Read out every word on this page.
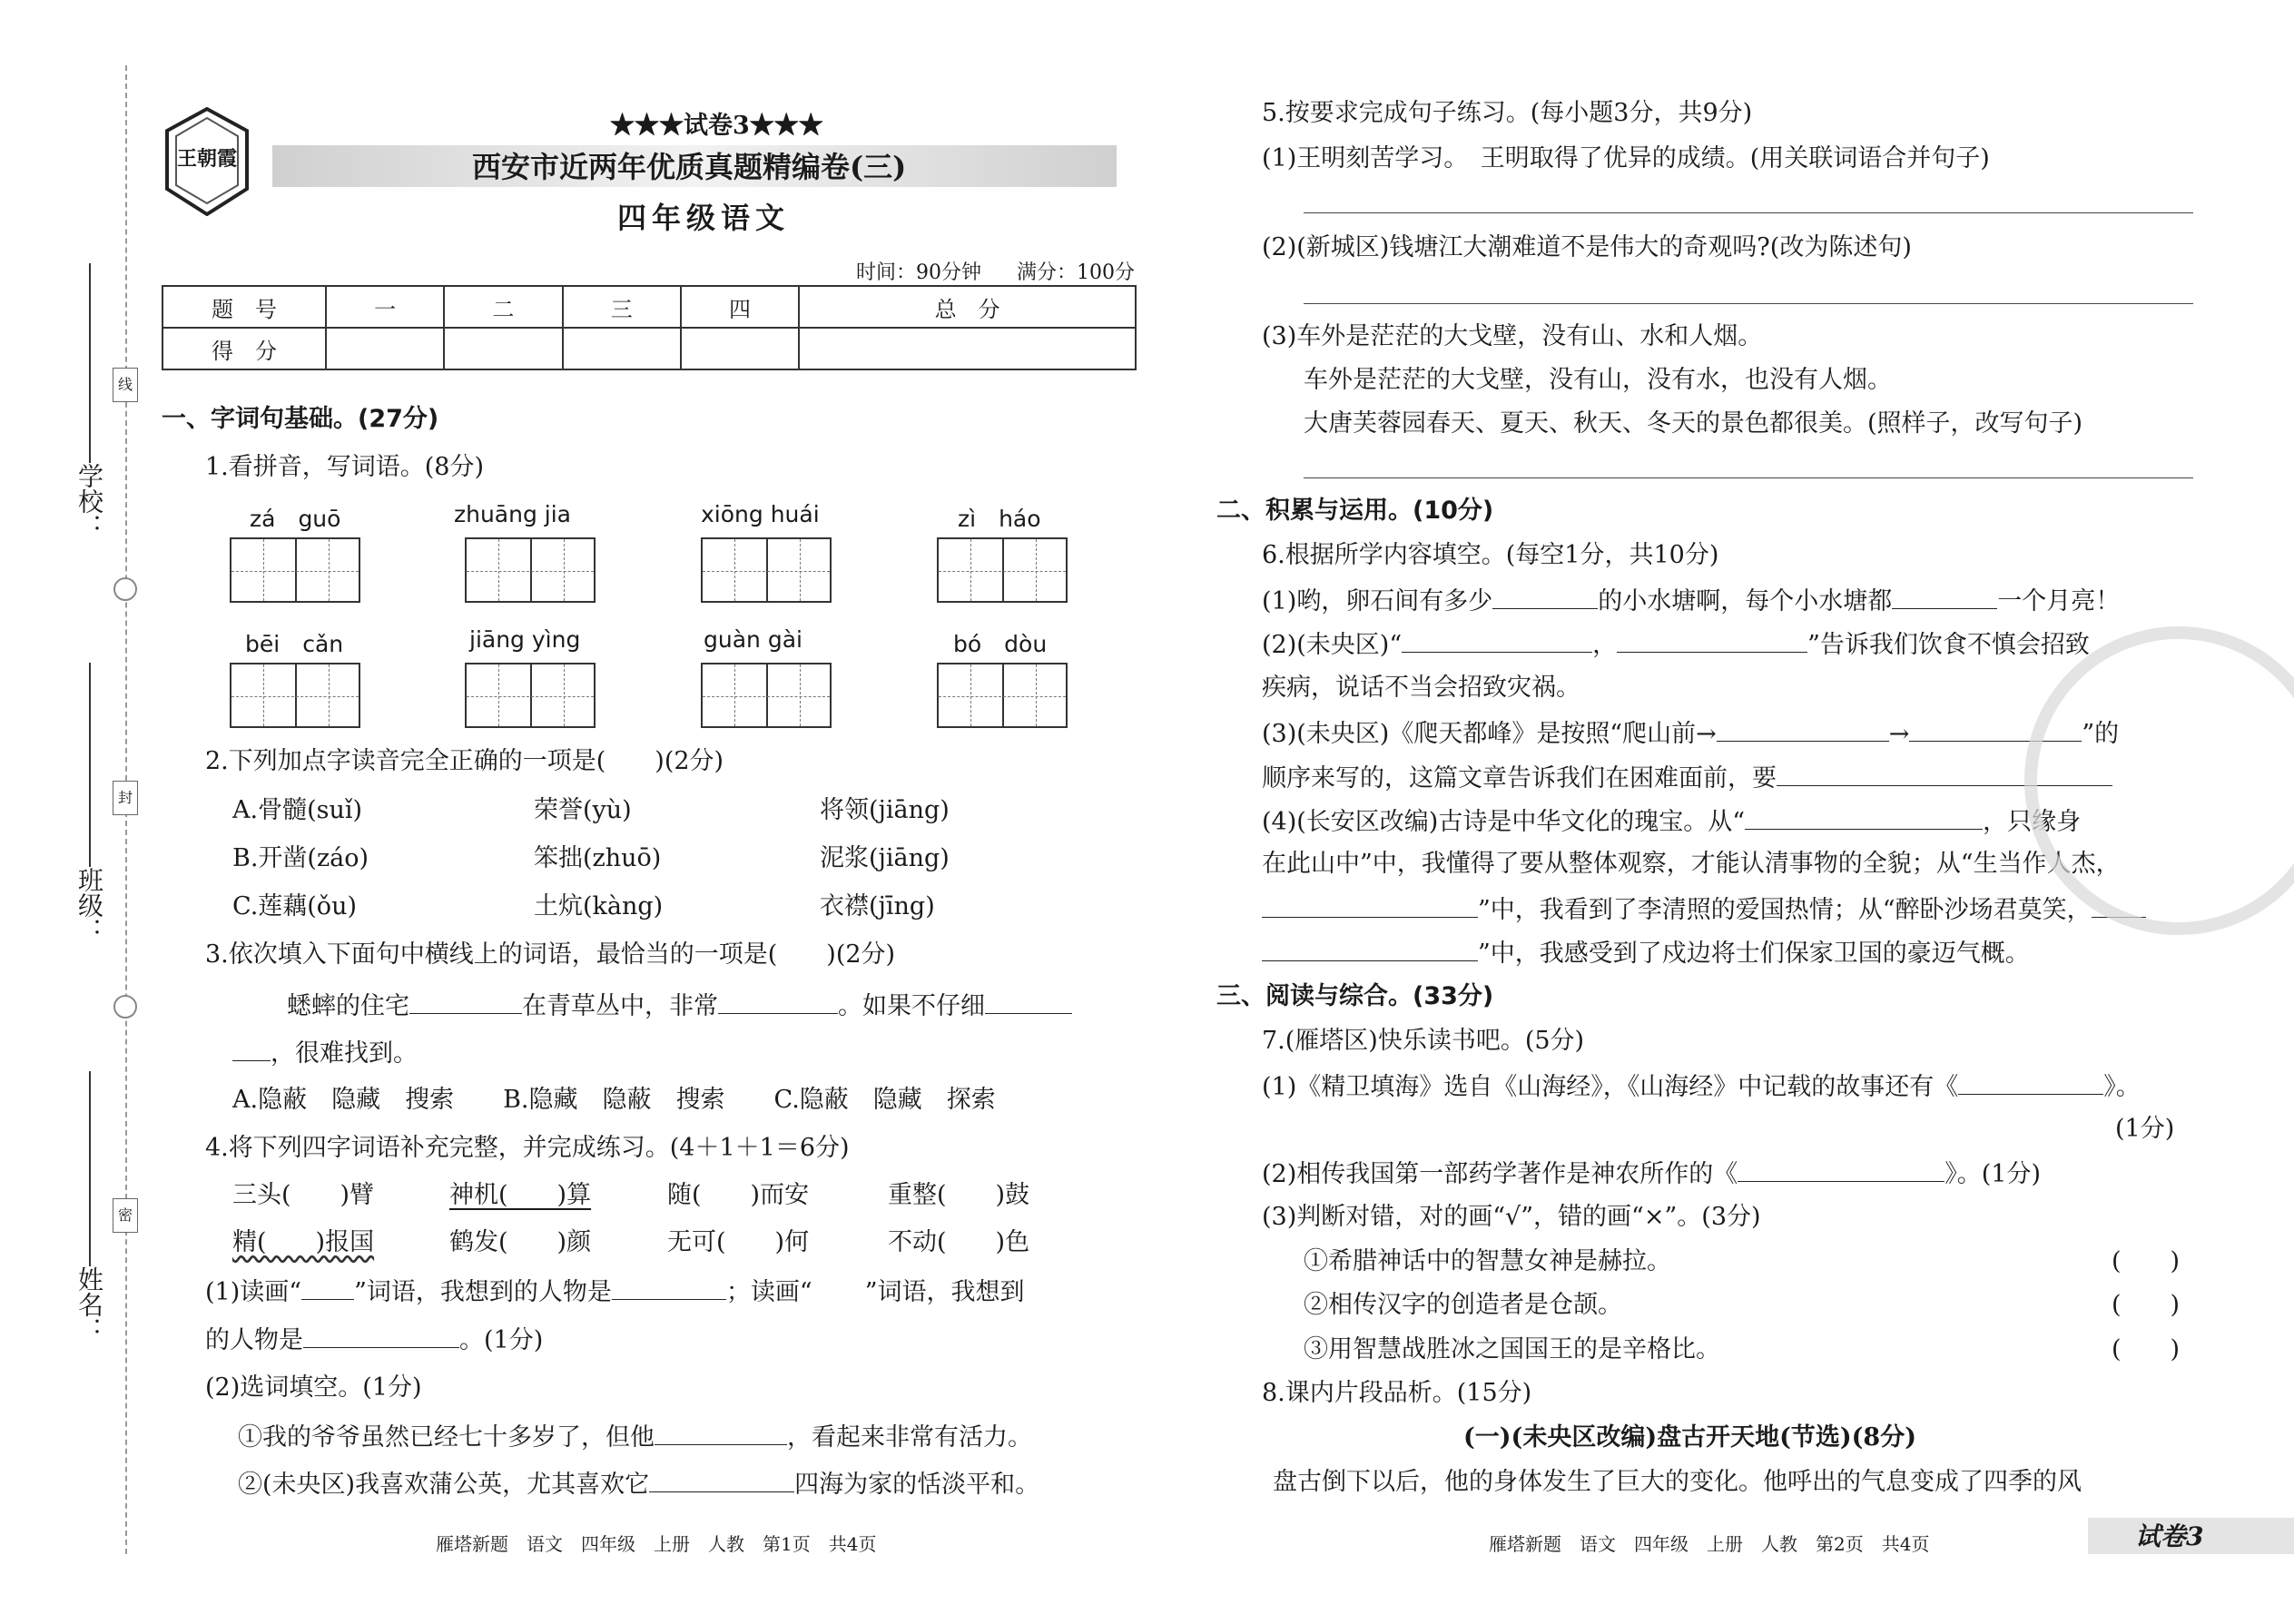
学校：
班级：
姓名：
线
封
密
王朝霞
★★★试卷3★★★
西安市近两年优质真题精编卷(三)
四年级语文
时间：90分钟 满分：100分
题　号	一	二	三	四	总　分
得　分					
一、字词句基础。(27分)
1.看拼音，写词语。(8分)
zá　guō	zhuāng jia	xiōng huái	zì　háo
bēi　cǎn	jiāng yìng	guàn gài	bó　dòu
2.下列加点字读音完全正确的一项是(　　)(2分)
A.骨髓(suǐ)	荣誉(yù)	将领(jiāng)
B.开凿(záo)	笨拙(zhuō)	泥浆(jiāng)
C.莲藕(ǒu)	土炕(kàng)	衣襟(jīng)
3.依次填入下面句中横线上的词语，最恰当的一项是(　　)(2分)
蟋蟀的住宅	在青草丛中，非常	。如果不仔细
，很难找到。
A.隐蔽　隐藏　搜索　　B.隐藏　隐蔽　搜索　　C.隐蔽　隐藏　探索
4.将下列四字词语补充完整，并完成练习。(4＋1＋1＝6分)
三头(　　)臂	神机(　　)算	随(　　)而安	重整(　　)鼓
精(　　)报国	鹤发(　　)颜	无可(　　)何	不动(　　)色
(1)读画“ ”词语，我想到的人物是	；读画“ ”词语，我想到
的人物是	。(1分)
(2)选词填空。(1分)
①我的爷爷虽然已经七十多岁了，但他	，看起来非常有活力。
②(未央区)我喜欢蒲公英，尤其喜欢它	四海为家的恬淡平和。
雁塔新题　语文　四年级　上册　人教　第1页　共4页
5.按要求完成句子练习。(每小题3分，共9分)
(1)王明刻苦学习。　王明取得了优异的成绩。(用关联词语合并句子)
(2)(新城区)钱塘江大潮难道不是伟大的奇观吗?(改为陈述句)
(3)车外是茫茫的大戈壁，没有山、水和人烟。
车外是茫茫的大戈壁，没有山，没有水，也没有人烟。
大唐芙蓉园春天、夏天、秋天、冬天的景色都很美。(照样子，改写句子)
二、积累与运用。(10分)
6.根据所学内容填空。(每空1分，共10分)
(1)哟，卵石间有多少	的小水塘啊，每个小水塘都	一个月亮！
(2)(未央区)“	，	”告诉我们饮食不慎会招致
疾病，说话不当会招致灾祸。
(3)(未央区)《爬天都峰》是按照“爬山前→	→	”的
顺序来写的，这篇文章告诉我们在困难面前，要
(4)(长安区改编)古诗是中华文化的瑰宝。从“	，只缘身
在此山中”中，我懂得了要从整体观察，才能认清事物的全貌；从“生当作人杰，
”中，我看到了李清照的爱国热情；从“醉卧沙场君莫笑，
”中，我感受到了戍边将士们保家卫国的豪迈气概。
三、阅读与综合。(33分)
7.(雁塔区)快乐读书吧。(5分)
(1)《精卫填海》选自《山海经》，《山海经》中记载的故事还有《	》。
(1分)
(2)相传我国第一部药学著作是神农所作的《	》。(1分)
(3)判断对错，对的画“√”，错的画“×”。(3分)
①希腊神话中的智慧女神是赫拉。	(　　)
②相传汉字的创造者是仓颉。	(　　)
③用智慧战胜冰之国国王的是辛格比。	(　　)
8.课内片段品析。(15分)
(一)(未央区改编)盘古开天地(节选)(8分)
盘古倒下以后，他的身体发生了巨大的变化。他呼出的气息变成了四季的风
雁塔新题　语文　四年级　上册　人教　第2页　共4页	试卷3
